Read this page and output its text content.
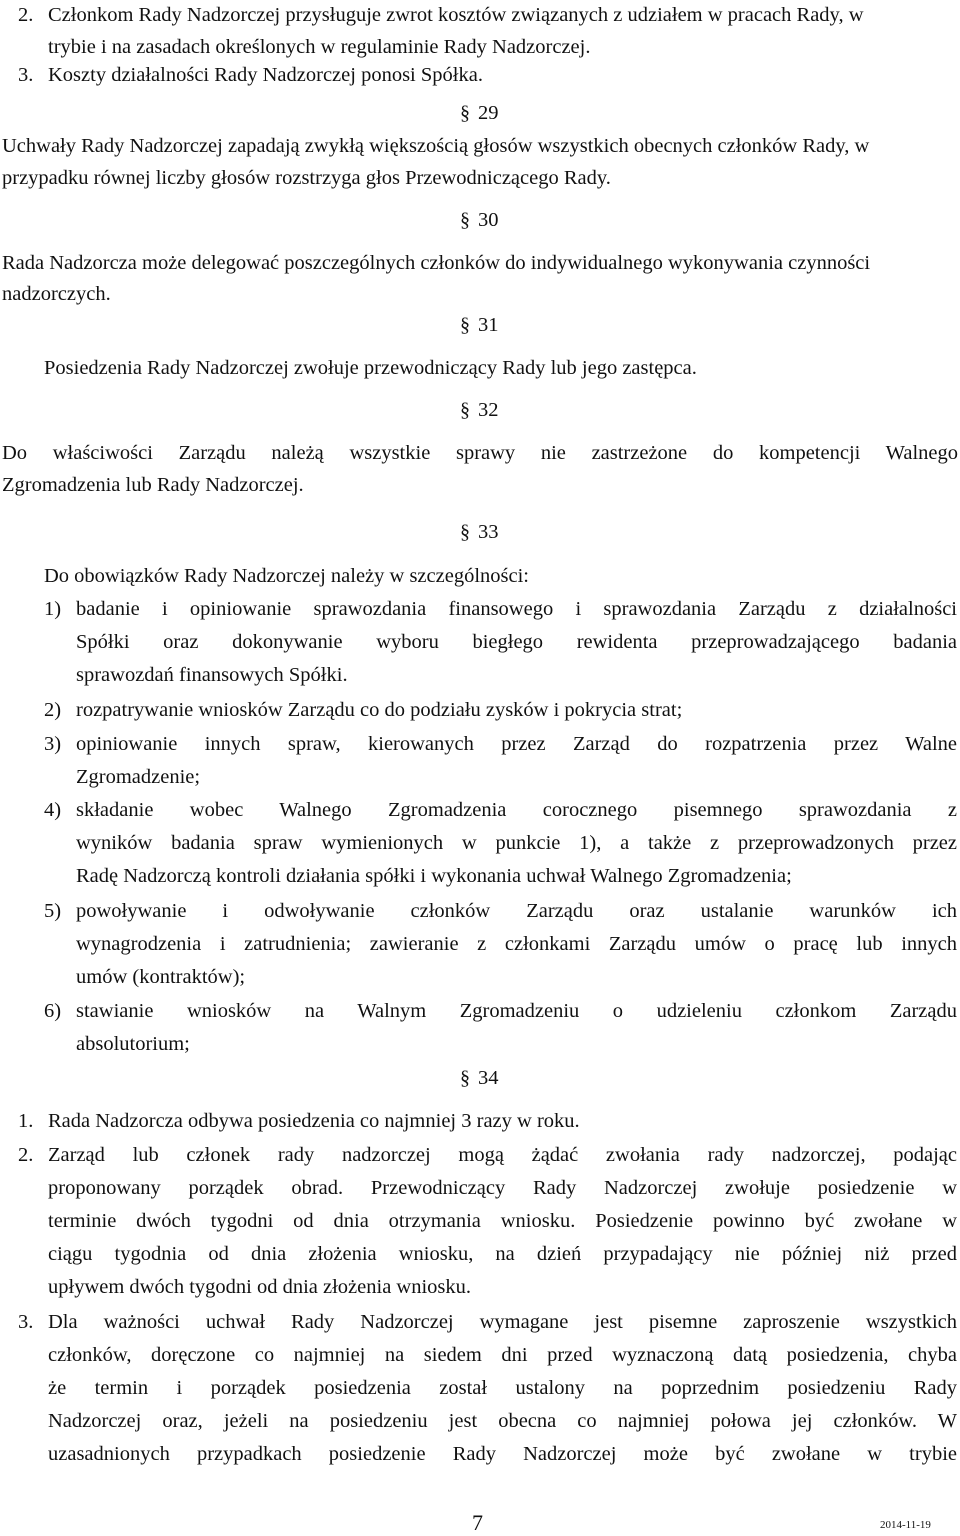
2. Członkom Rady Nadzorczej przysługuje zwrot kosztów związanych z udziałem w pracach Rady, w
trybie i na zasadach określonych w regulaminie Rady Nadzorczej.
3. Koszty działalności Rady Nadzorczej ponosi Spółka.
§ 29
Uchwały Rady Nadzorczej zapadają zwykłą większością głosów wszystkich obecnych członków Rady, w
przypadku równej liczby głosów rozstrzyga głos Przewodniczącego Rady.
§ 30
Rada Nadzorcza może delegować poszczególnych członków do indywidualnego wykonywania czynności
nadzorczych.
§ 31
Posiedzenia Rady Nadzorczej zwołuje przewodniczący Rady lub jego zastępca.
§ 32
Do właściwości Zarządu należą wszystkie sprawy nie zastrzeżone do kompetencji Walnego
Zgromadzenia lub Rady Nadzorczej.
§ 33
Do obowiązków Rady Nadzorczej należy w szczególności:
1) badanie i opiniowanie sprawozdania finansowego i sprawozdania Zarządu z działalności
Spółki oraz dokonywanie wyboru biegłego rewidenta przeprowadzającego badania
sprawozdań finansowych Spółki.
2) rozpatrywanie wniosków Zarządu co do podziału zysków i pokrycia strat;
3) opiniowanie innych spraw, kierowanych przez Zarząd do rozpatrzenia przez Walne
Zgromadzenie;
4) składanie wobec Walnego Zgromadzenia corocznego pisemnego sprawozdania z
wyników badania spraw wymienionych w punkcie 1), a także z przeprowadzonych przez
Radę Nadzorczą kontroli działania spółki i wykonania uchwał Walnego Zgromadzenia;
5) powoływanie i odwoływanie członków Zarządu oraz ustalanie warunków ich
wynagrodzenia i zatrudnienia; zawieranie z członkami Zarządu umów o pracę lub innych
umów (kontraktów);
6) stawianie wniosków na Walnym Zgromadzeniu o udzieleniu członkom Zarządu
absolutorium;
§ 34
1. Rada Nadzorcza odbywa posiedzenia co najmniej 3 razy w roku.
2. Zarząd lub członek rady nadzorczej mogą żądać zwołania rady nadzorczej, podając
proponowany porządek obrad. Przewodniczący Rady Nadzorczej zwołuje posiedzenie w
terminie dwóch tygodni od dnia otrzymania wniosku. Posiedzenie powinno być zwołane w
ciągu tygodnia od dnia złożenia wniosku, na dzień przypadający nie później niż przed
upływem dwóch tygodni od dnia złożenia wniosku.
3. Dla ważności uchwał Rady Nadzorczej wymagane jest pisemne zaproszenie wszystkich
członków, doręczone co najmniej na siedem dni przed wyznaczoną datą posiedzenia, chyba
że termin i porządek posiedzenia został ustalony na poprzednim posiedzeniu Rady
Nadzorczej oraz, jeżeli na posiedzeniu jest obecna co najmniej połowa jej członków. W
uzasadnionych przypadkach posiedzenie Rady Nadzorczej może być zwołane w trybie
7	2014-11-19
